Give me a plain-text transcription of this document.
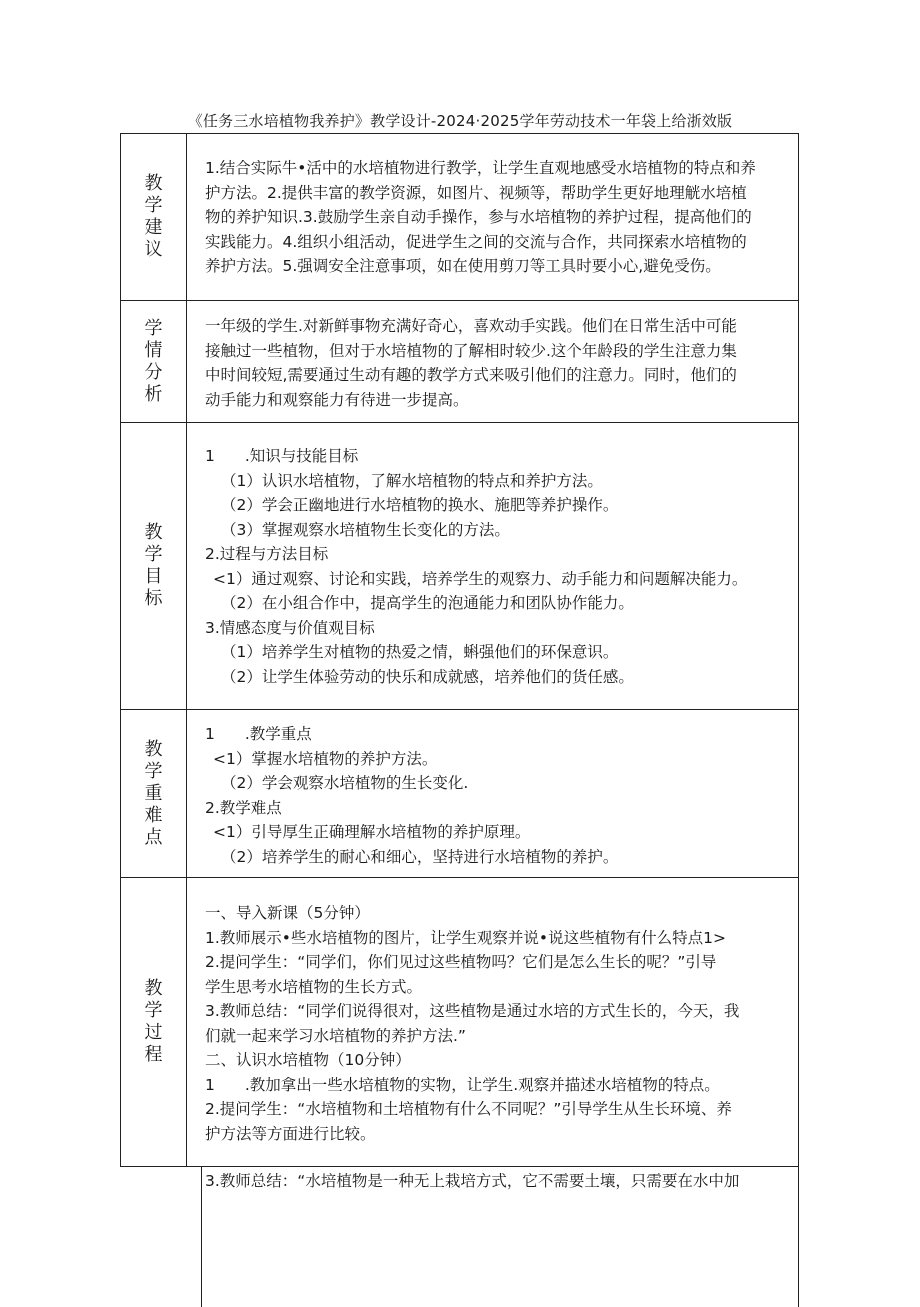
《任务三水培植物我养护》教学设计-2024·2025学年劳动技术一年袋上给浙效版
教学建议

1.结合实际牛•活中的水培植物进行教学，让学生直观地感受水培植物的特点和养

护方法。2.提供丰富的教学资源，如图片、视频等，帮助学生更好地理觥水培植

物的养护知识.3.鼓励学生亲自动手操作，参与水培植物的养护过程，提高他们的

实践能力。4.组织小组活动，促进学生之间的交流与合作，共同探索水培植物的

养护方法。5.强调安全注意事项，如在使用剪刀等工具时要小心,避免受伤。

学情分析

一年级的学生.对新鲜事物充满好奇心，喜欢动手实践。他们在日常生活中可能

接触过一些植物，但对于水培植物的了解相时较少.这个年龄段的学生注意力集

中时间较短,需要通过生动有趣的教学方式来吸引他们的注意力。同时，他们的

动手能力和观察能力有待进一步提高。

教学目标

1 .知识与技能目标

（1）认识水培植物，了解水培植物的特点和养护方法。

（2）学会正幽地进行水培植物的换水、施肥等养护操作。

（3）掌握观察水培植物生长变化的方法。

2.过程与方法目标

<1）通过观察、讨论和实践，培养学生的观察力、动手能力和问题解决能力。

（2）在小组合作中，提高学生的泡通能力和团队协作能力。

3.情感态度与价值观目标

（1）培养学生对植物的热爱之情，蝌强他们的环保意识。

（2）让学生体验劳动的快乐和成就感，培养他们的货任感。

教学重难点

1 .教学重点

<1）掌握水培植物的养护方法。

（2）学会观察水培植物的生长变化.

2.教学难点

<1）引导厚生正确理解水培植物的养护原理。

（2）培养学生的耐心和细心，坚持进行水培植物的养护。

教学过程

一、导入新课（5分钟）

1.教师展示•些水培植物的图片，让学生观察并说•说这些植物有什么特点1>

2.提问学生：“同学们，你们见过这些植物吗？它们是怎么生长的呢？”引导

学生思考水培植物的生长方式。

3.教师总结：“同学们说得很对，这些植物是通过水培的方式生长的，今天，我

们就一起来学习水培植物的养护方法.”

二、认识水培植物（10分钟）

1 .教加拿出一些水培植物的实物，让学生.观察并描述水培植物的特点。

2.提问学生：“水培植物和土培植物有什么不同呢？”引导学生从生长环境、养

护方法等方面进行比较。

3.教师总结：“水培植物是一种无上栽培方式，它不需要土壤，只需要在水中加
